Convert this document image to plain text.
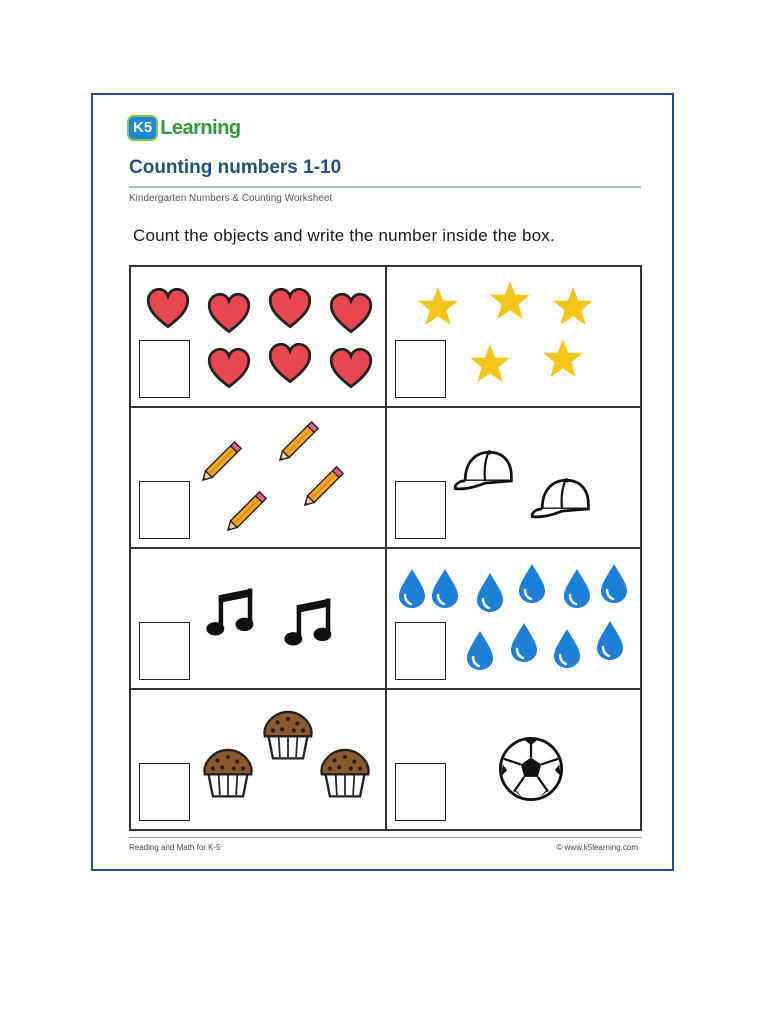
K5 Learning
Counting numbers 1-10
Kindergarten Numbers & Counting Worksheet
Count the objects and write the number inside the box.
Reading and Math for K-5	© www.k5learning.com
